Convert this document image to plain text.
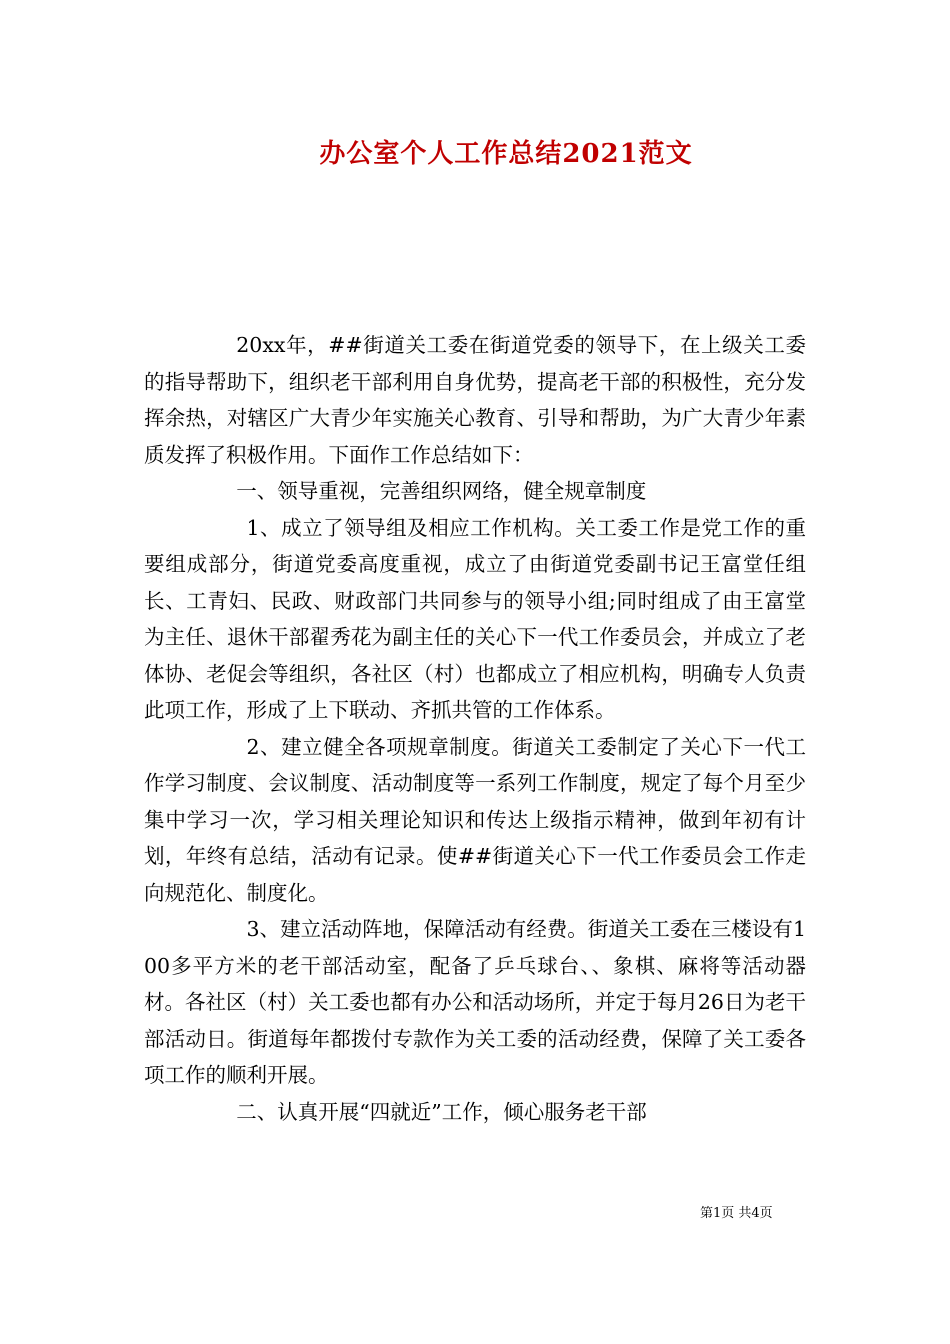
办公室个人工作总结2021范文

20xx年，##街道关工委在街道党委的领导下，在上级关工委的指导帮助下，组织老干部利用自身优势，提高老干部的积极性，充分发挥余热，对辖区广大青少年实施关心教育、引导和帮助，为广大青少年素质发挥了积极作用。下面作工作总结如下：

一、领导重视，完善组织网络，健全规章制度

1、成立了领导组及相应工作机构。关工委工作是党工作的重要组成部分，街道党委高度重视，成立了由街道党委副书记王富堂任组长、工青妇、民政、财政部门共同参与的领导小组;同时组成了由王富堂为主任、退休干部翟秀花为副主任的关心下一代工作委员会，并成立了老体协、老促会等组织，各社区（村）也都成立了相应机构，明确专人负责此项工作，形成了上下联动、齐抓共管的工作体系。

2、建立健全各项规章制度。街道关工委制定了关心下一代工作学习制度、会议制度、活动制度等一系列工作制度，规定了每个月至少集中学习一次，学习相关理论知识和传达上级指示精神，做到年初有计划，年终有总结，活动有记录。使##街道关心下一代工作委员会工作走向规范化、制度化。

3、建立活动阵地，保障活动有经费。街道关工委在三楼设有100多平方米的老干部活动室，配备了乒乓球台、、象棋、麻将等活动器材。各社区（村）关工委也都有办公和活动场所，并定于每月26日为老干部活动日。街道每年都拨付专款作为关工委的活动经费，保障了关工委各项工作的顺利开展。

二、认真开展“四就近”工作，倾心服务老干部

第1页 共4页
